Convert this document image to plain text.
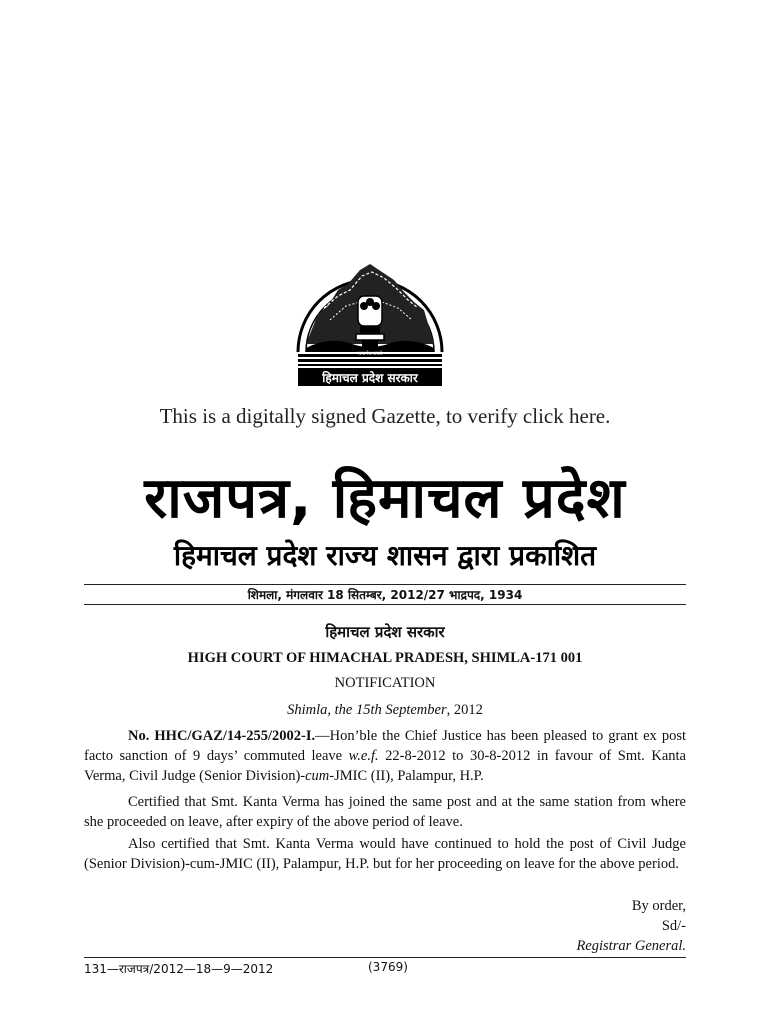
सत्यमेव जयते
हिमाचल प्रदेश सरकार
This is a digitally signed Gazette, to verify click here.
राजपत्र, हिमाचल प्रदेश
हिमाचल प्रदेश राज्य शासन द्वारा प्रकाशित
शिमला, मंगलवार 18 सितम्बर, 2012/27 भाद्रपद, 1934
हिमाचल प्रदेश सरकार
HIGH COURT OF HIMACHAL PRADESH, SHIMLA-171 001
NOTIFICATION
Shimla, the 15th September, 2012
No. HHC/GAZ/14-255/2002-I.—Hon’ble the Chief Justice has been pleased to grant ex post facto sanction of 9 days’ commuted leave w.e.f. 22-8-2012 to 30-8-2012 in favour of Smt. Kanta Verma, Civil Judge (Senior Division)-cum-JMIC (II), Palampur, H.P.
Certified that Smt. Kanta Verma has joined the same post and at the same station from where she proceeded on leave, after expiry of the above period of leave.
Also certified that Smt. Kanta Verma would have continued to hold the post of Civil Judge (Senior Division)-cum-JMIC (II), Palampur, H.P. but for her proceeding on leave for the above period.
By order,
Sd/-
Registrar General.
131—राजपत्र/2012—18—9—2012	(3769)
